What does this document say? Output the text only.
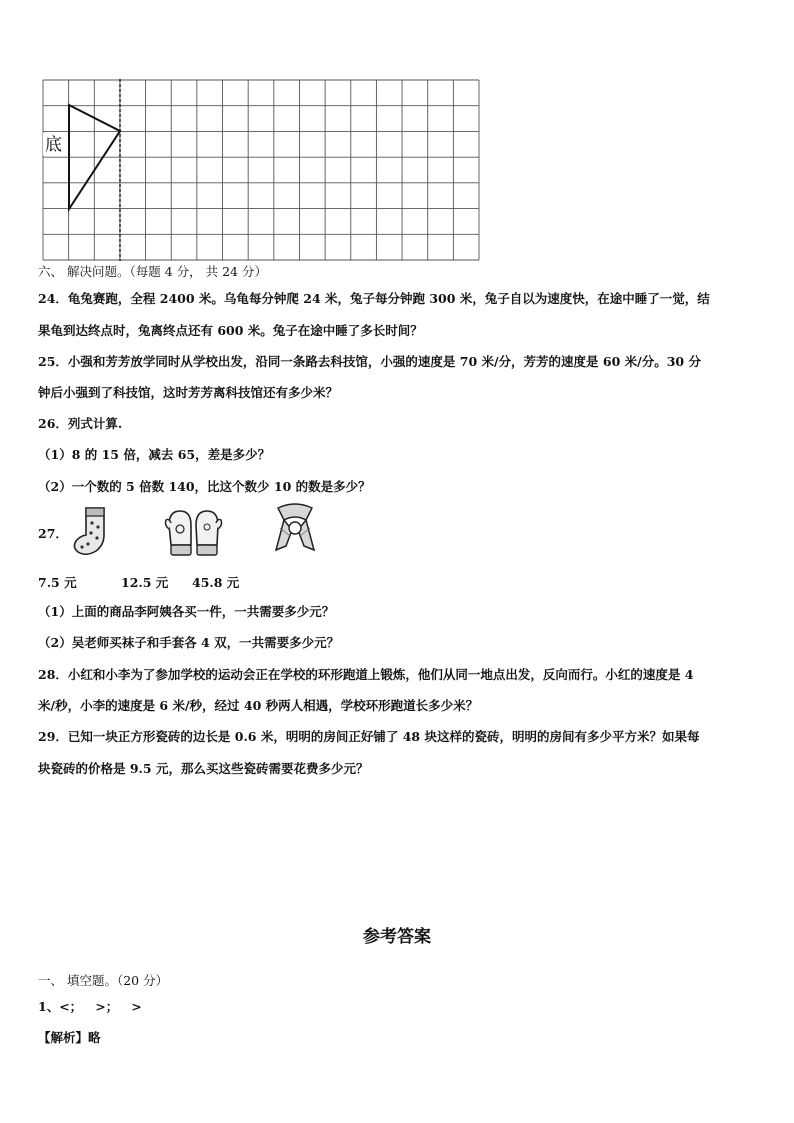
底
六、 解决问题。（每题 4 分， 共 24 分）
24．龟兔赛跑，全程 2400 米。乌龟每分钟爬 24 米，兔子每分钟跑 300 米，兔子自以为速度快，在途中睡了一觉，结
果龟到达终点时，兔离终点还有 600 米。兔子在途中睡了多长时间？
25．小强和芳芳放学同时从学校出发，沿同一条路去科技馆，小强的速度是 70 米/分，芳芳的速度是 60 米/分。30 分
钟后小强到了科技馆，这时芳芳离科技馆还有多少米？
26．列式计算.
（1）8 的 15 倍，减去 65，差是多少？
（2）一个数的 5 倍数 140，比这个数少 10 的数是多少？
27．
7.5 元	12.5 元 45.8 元
（1）上面的商品李阿姨各买一件，一共需要多少元？
（2）吴老师买袜子和手套各 4 双，一共需要多少元？
28．小红和小李为了参加学校的运动会正在学校的环形跑道上锻炼，他们从同一地点出发，反向而行。小红的速度是 4
米/秒，小李的速度是 6 米/秒，经过 40 秒两人相遇，学校环形跑道长多少米？
29．已知一块正方形瓷砖的边长是 0.6 米，明明的房间正好铺了 48 块这样的瓷砖，明明的房间有多少平方米？如果每
块瓷砖的价格是 9.5 元，那么买这些瓷砖需要花费多少元？
参考答案
一、 填空题。（20 分）
1、<；   >；   >
【解析】略
